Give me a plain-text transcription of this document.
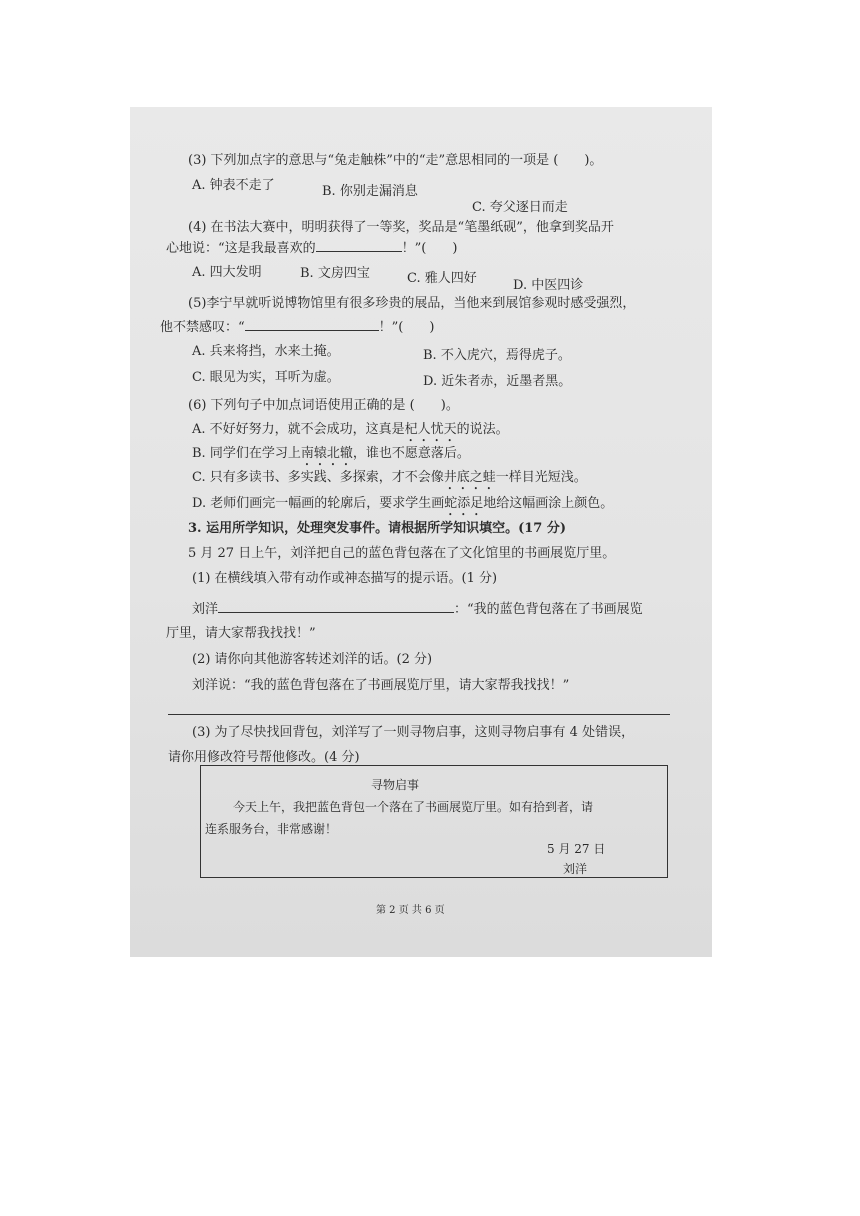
(3) 下列加点字的意思与“兔走触株”中的“走”意思相同的一项是 (　　)。
A. 钟表不走了	B. 你别走漏消息
C. 夸父逐日而走
(4) 在书法大赛中，明明获得了一等奖，奖品是“笔墨纸砚”，他拿到奖品开
心地说：“这是我最喜欢的	！”(　　)
A. 四大发明	B. 文房四宝	C. 雅人四好	D. 中医四诊
(5)李宁早就听说博物馆里有很多珍贵的展品，当他来到展馆参观时感受强烈，
他不禁感叹：“	！”(　　)
A. 兵来将挡，水来土掩。	B. 不入虎穴，焉得虎子。
C. 眼见为实，耳听为虚。	D. 近朱者赤，近墨者黑。
(6) 下列句子中加点词语使用正确的是 (　　)。
A. 不好好努力，就不会成功，这真是杞人忧天的说法。
B. 同学们在学习上南辕北辙，谁也不愿意落后。
C. 只有多读书、多实践、多探索，才不会像井底之蛙一样目光短浅。
D. 老师们画完一幅画的轮廓后，要求学生画蛇添足地给这幅画涂上颜色。
3. 运用所学知识，处理突发事件。请根据所学知识填空。(17 分)
5 月 27 日上午，刘洋把自己的蓝色背包落在了文化馆里的书画展览厅里。
(1) 在横线填入带有动作或神态描写的提示语。(1 分)
刘洋	：“我的蓝色背包落在了书画展览
厅里，请大家帮我找找！”
(2) 请你向其他游客转述刘洋的话。(2 分)
刘洋说：“我的蓝色背包落在了书画展览厅里，请大家帮我找找！”
(3) 为了尽快找回背包，刘洋写了一则寻物启事，这则寻物启事有 4 处错误，
请你用修改符号帮他修改。(4 分)
寻物启事
今天上午，我把蓝色背包一个落在了书画展览厅里。如有拾到者，请
连系服务台，非常感谢！
5 月 27 日
刘洋
第 2 页 共 6 页
